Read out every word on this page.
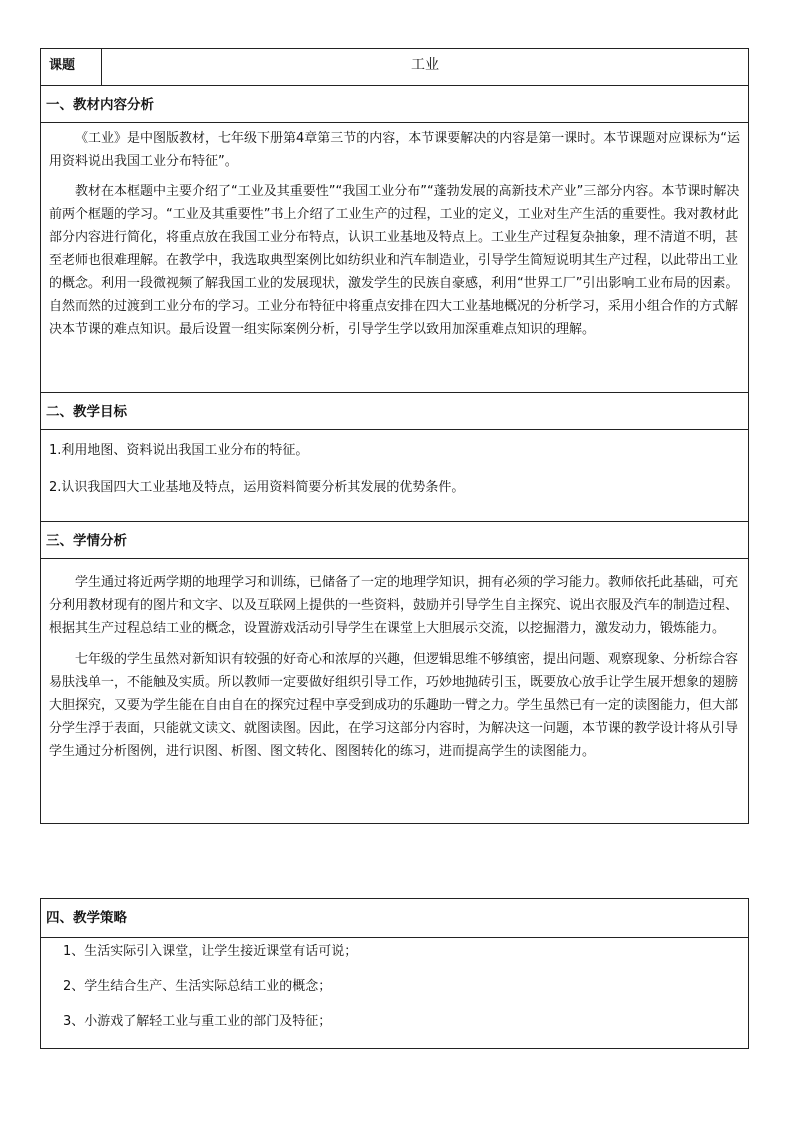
课题	工业
一、教材内容分析

《工业》是中图版教材，七年级下册第4章第三节的内容，本节课要解决的内容是第一课时。本节课题对应课标为“运用资料说出我国工业分布特征”。

教材在本框题中主要介绍了“工业及其重要性”“我国工业分布”“蓬勃发展的高新技术产业”三部分内容。本节课时解决前两个框题的学习。“工业及其重要性”书上介绍了工业生产的过程，工业的定义，工业对生产生活的重要性。我对教材此部分内容进行简化，将重点放在我国工业分布特点，认识工业基地及特点上。工业生产过程复杂抽象，理不清道不明，甚至老师也很难理解。在教学中，我选取典型案例比如纺织业和汽车制造业，引导学生简短说明其生产过程，以此带出工业的概念。利用一段微视频了解我国工业的发展现状，激发学生的民族自豪感，利用“世界工厂”引出影响工业布局的因素。自然而然的过渡到工业分布的学习。工业分布特征中将重点安排在四大工业基地概况的分析学习，采用小组合作的方式解决本节课的难点知识。最后设置一组实际案例分析，引导学生学以致用加深重难点知识的理解。

二、教学目标

1.利用地图、资料说出我国工业分布的特征。

2.认识我国四大工业基地及特点，运用资料简要分析其发展的优势条件。

三、学情分析

学生通过将近两学期的地理学习和训练，已储备了一定的地理学知识，拥有必须的学习能力。教师依托此基础，可充分利用教材现有的图片和文字、以及互联网上提供的一些资料，鼓励并引导学生自主探究、说出衣服及汽车的制造过程、根据其生产过程总结工业的概念，设置游戏活动引导学生在课堂上大胆展示交流，以挖掘潜力，激发动力，锻炼能力。

七年级的学生虽然对新知识有较强的好奇心和浓厚的兴趣，但逻辑思维不够缜密，提出问题、观察现象、分析综合容易肤浅单一，不能触及实质。所以教师一定要做好组织引导工作，巧妙地抛砖引玉，既要放心放手让学生展开想象的翅膀大胆探究，又要为学生能在自由自在的探究过程中享受到成功的乐趣助一臂之力。学生虽然已有一定的读图能力，但大部分学生浮于表面，只能就文读文、就图读图。因此，在学习这部分内容时，为解决这一问题，本节课的教学设计将从引导学生通过分析图例，进行识图、析图、图文转化、图图转化的练习，进而提高学生的读图能力。

四、教学策略

1、生活实际引入课堂，让学生接近课堂有话可说；

2、学生结合生产、生活实际总结工业的概念；

3、小游戏了解轻工业与重工业的部门及特征；
